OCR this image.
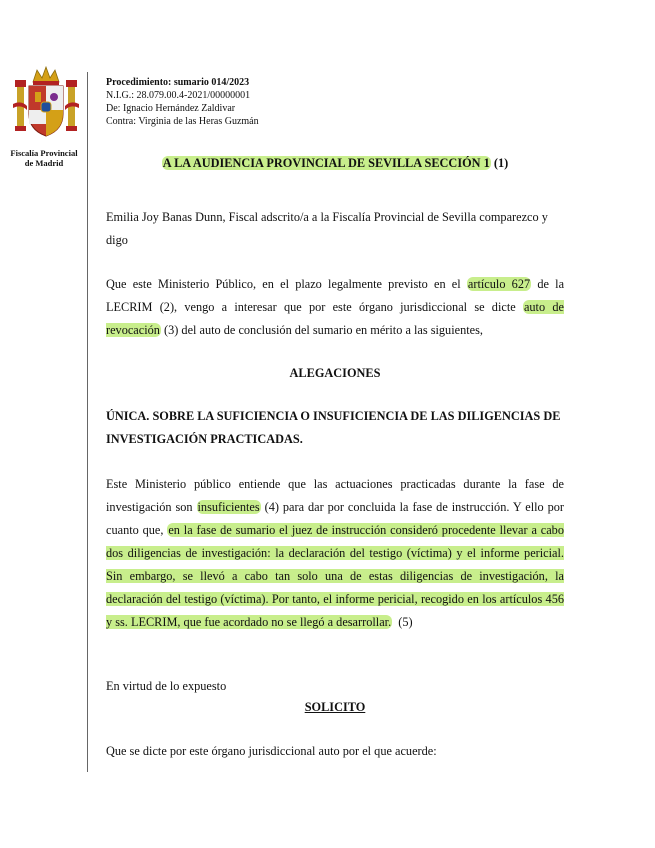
Fiscalía Provincial
de Madrid
Procedimiento: sumario 014/2023
N.I.G.: 28.079.00.4-2021/00000001
De: Ignacio Hernández Zaldivar
Contra: Virginia de las Heras Guzmán
A LA AUDIENCIA PROVINCIAL DE SEVILLA SECCIÓN 1 (1)

Emilia Joy Banas Dunn, Fiscal adscrito/a a la Fiscalía Provincial de Sevilla comparezco y digo

Que este Ministerio Público, en el plazo legalmente previsto en el artículo 627 de la LECRIM (2), vengo a interesar que por este órgano jurisdiccional se dicte auto de revocación (3) del auto de conclusión del sumario en mérito a las siguientes,

ALEGACIONES

ÚNICA. SOBRE LA SUFICIENCIA O INSUFICIENCIA DE LAS DILIGENCIAS DE INVESTIGACIÓN PRACTICADAS.

Este Ministerio público entiende que las actuaciones practicadas durante la fase de investigación son insuficientes (4) para dar por concluida la fase de instrucción. Y ello por cuanto que, en la fase de sumario el juez de instrucción consideró procedente llevar a cabo dos diligencias de investigación: la declaración del testigo (víctima) y el informe pericial. Sin embargo, se llevó a cabo tan solo una de estas diligencias de investigación, la declaración del testigo (víctima). Por tanto, el informe pericial, recogido en los artículos 456 y ss. LECRIM, que fue acordado no se llegó a desarrollar. (5)

En virtud de lo expuesto

SOLICITO

Que se dicte por este órgano jurisdiccional auto por el que acuerde:
